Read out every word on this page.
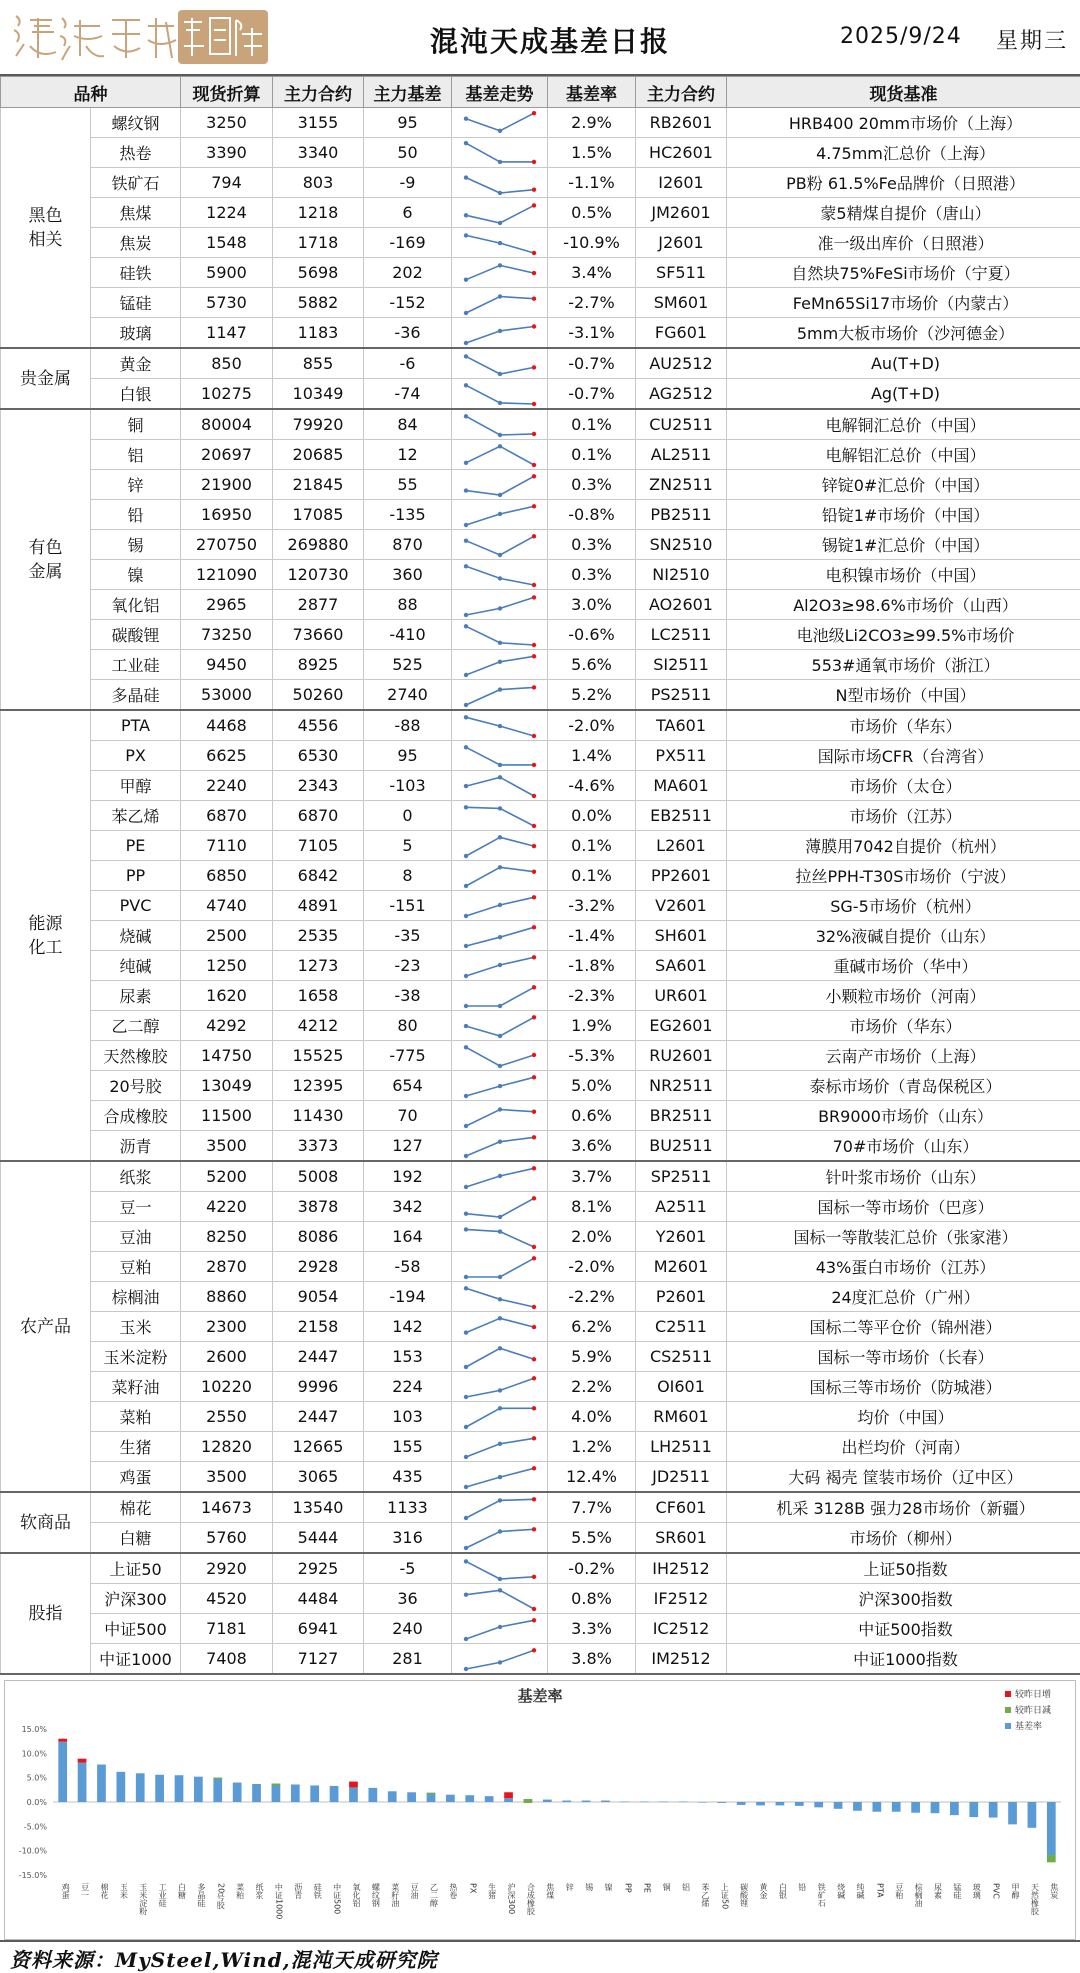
混沌天成基差日报	2025/9/24 星期三
品种		现货折算	主力合约	主力基差	基差走势	基差率	主力合约	现货基准
黑色
相关	螺纹钢	3250	3155	95		2.9%	RB2601	HRB400 20mm市场价（上海）
	热卷	3390	3340	50		1.5%	HC2601	4.75mm汇总价（上海）
	铁矿石	794	803	-9		-1.1%	I2601	PB粉 61.5%Fe品牌价（日照港）
	焦煤	1224	1218	6		0.5%	JM2601	蒙5精煤自提价（唐山）
	焦炭	1548	1718	-169		-10.9%	J2601	准一级出库价（日照港）
	硅铁	5900	5698	202		3.4%	SF511	自然块75%FeSi市场价（宁夏）
	锰硅	5730	5882	-152		-2.7%	SM601	FeMn65Si17市场价（内蒙古）
	玻璃	1147	1183	-36		-3.1%	FG601	5mm大板市场价（沙河德金）
贵金属	黄金	850	855	-6		-0.7%	AU2512	Au(T+D)
	白银	10275	10349	-74		-0.7%	AG2512	Ag(T+D)
有色
金属	铜	80004	79920	84		0.1%	CU2511	电解铜汇总价（中国）
	铝	20697	20685	12		0.1%	AL2511	电解铝汇总价（中国）
	锌	21900	21845	55		0.3%	ZN2511	锌锭0#汇总价（中国）
	铅	16950	17085	-135		-0.8%	PB2511	铅锭1#市场价（中国）
	锡	270750	269880	870		0.3%	SN2510	锡锭1#汇总价（中国）
	镍	121090	120730	360		0.3%	NI2510	电积镍市场价（中国）
	氧化铝	2965	2877	88		3.0%	AO2601	Al2O3≥98.6%市场价（山西）
	碳酸锂	73250	73660	-410		-0.6%	LC2511	电池级Li2CO3≥99.5%市场价
	工业硅	9450	8925	525		5.6%	SI2511	553#通氧市场价（浙江）
	多晶硅	53000	50260	2740		5.2%	PS2511	N型市场价（中国）
能源
化工	PTA	4468	4556	-88		-2.0%	TA601	市场价（华东）
	PX	6625	6530	95		1.4%	PX511	国际市场CFR（台湾省）
	甲醇	2240	2343	-103		-4.6%	MA601	市场价（太仓）
	苯乙烯	6870	6870	0		0.0%	EB2511	市场价（江苏）
	PE	7110	7105	5		0.1%	L2601	薄膜用7042自提价（杭州）
	PP	6850	6842	8		0.1%	PP2601	拉丝PPH-T30S市场价（宁波）
	PVC	4740	4891	-151		-3.2%	V2601	SG-5市场价（杭州）
	烧碱	2500	2535	-35		-1.4%	SH601	32%液碱自提价（山东）
	纯碱	1250	1273	-23		-1.8%	SA601	重碱市场价（华中）
	尿素	1620	1658	-38		-2.3%	UR601	小颗粒市场价（河南）
	乙二醇	4292	4212	80		1.9%	EG2601	市场价（华东）
	天然橡胶	14750	15525	-775		-5.3%	RU2601	云南产市场价（上海）
	20号胶	13049	12395	654		5.0%	NR2511	泰标市场价（青岛保税区）
	合成橡胶	11500	11430	70		0.6%	BR2511	BR9000市场价（山东）
	沥青	3500	3373	127		3.6%	BU2511	70#市场价（山东）
农产品	纸浆	5200	5008	192		3.7%	SP2511	针叶浆市场价（山东）
	豆一	4220	3878	342		8.1%	A2511	国标一等市场价（巴彦）
	豆油	8250	8086	164		2.0%	Y2601	国标一等散装汇总价（张家港）
	豆粕	2870	2928	-58		-2.0%	M2601	43%蛋白市场价（江苏）
	棕榈油	8860	9054	-194		-2.2%	P2601	24度汇总价（广州）
	玉米	2300	2158	142		6.2%	C2511	国标二等平仓价（锦州港）
	玉米淀粉	2600	2447	153		5.9%	CS2511	国标一等市场价（长春）
	菜籽油	10220	9996	224		2.2%	OI601	国标三等市场价（防城港）
	菜粕	2550	2447	103		4.0%	RM601	均价（中国）
	生猪	12820	12665	155		1.2%	LH2511	出栏均价（河南）
	鸡蛋	3500	3065	435		12.4%	JD2511	大码 褐壳 筐装市场价（辽中区）
软商品	棉花	14673	13540	1133		7.7%	CF601	机采 3128B 强力28市场价（新疆）
	白糖	5760	5444	316		5.5%	SR601	市场价（柳州）
股指	上证50	2920	2925	-5		-0.2%	IH2512	上证50指数
	沪深300	4520	4484	36		0.8%	IF2512	沪深300指数
	中证500	7181	6941	240		3.3%	IC2512	中证500指数
	中证1000	7408	7127	281		3.8%	IM2512	中证1000指数
基差率
15.0%
10.0%
5.0%
0.0%
-5.0%
-10.0%
-15.0%
较昨日增
较昨日减
基差率
鸡蛋 豆一 棉花 玉米 玉米淀粉 工业硅 白糖 多晶硅 20号胶 菜粕 纸浆 中证1000 沥青 硅铁 中证500 氧化铝 螺纹钢 菜籽油 豆油 乙二醇 热卷 PX 生猪 沪深300 合成橡胶 焦煤 锌 锡 镍 PP PE 铜 铝 苯乙烯 上证50 碳酸锂 黄金 白银 铅 铁矿石 烧碱 纯碱 PTA 豆粕 棕榈油 尿素 锰硅 玻璃 PVC 甲醇 天然橡胶 焦炭
资料来源：MySteel,Wind,混沌天成研究院
